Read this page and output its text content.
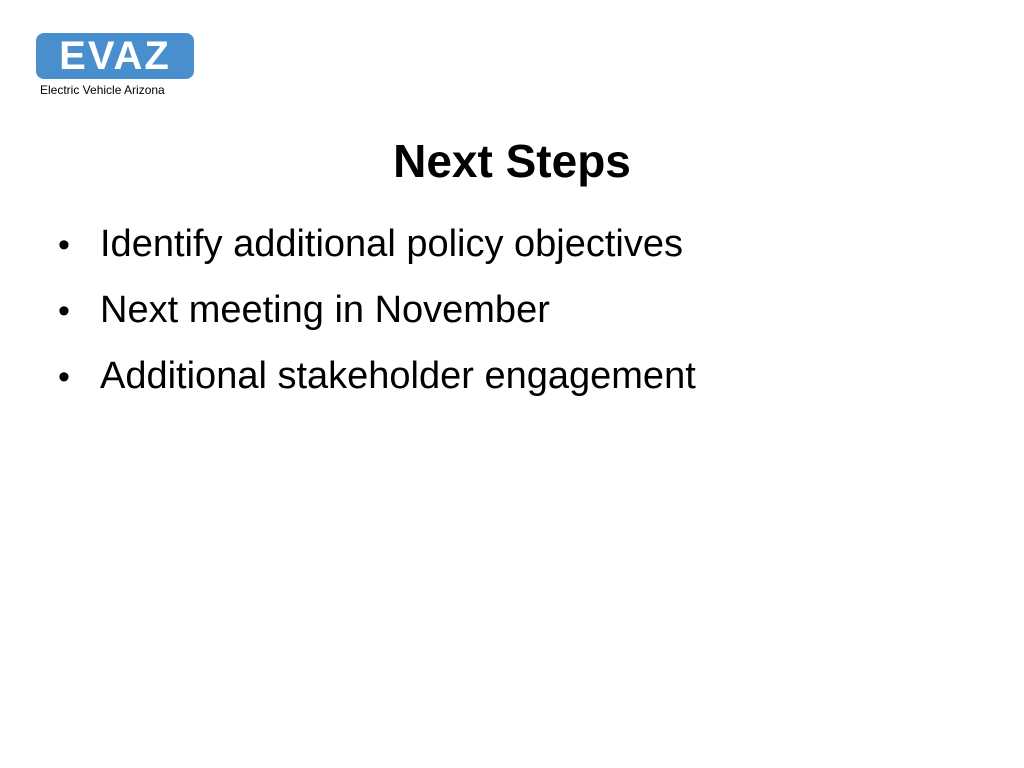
EVAZ
Electric Vehicle Arizona
Next Steps
• Identify additional policy objectives
• Next meeting in November
• Additional stakeholder engagement
